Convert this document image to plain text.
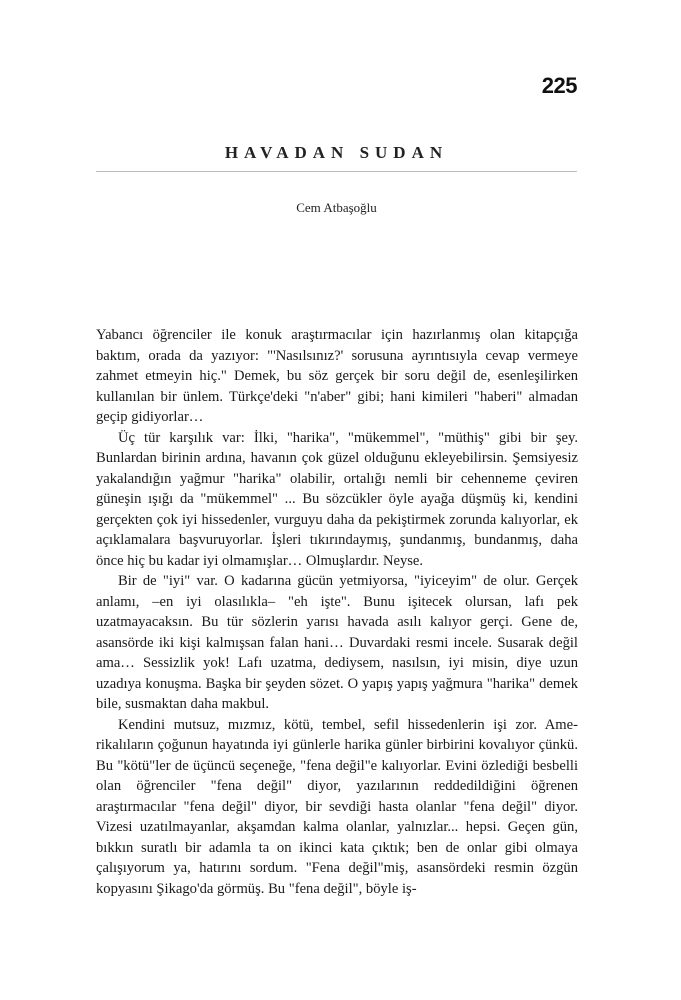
225
HAVADAN SUDAN
Cem Atbaşoğlu

Yabancı öğrenciler ile konuk araştırmacılar için hazırlanmış olan kitapçığa baktım, orada da yazıyor: "'Nasılsınız?' sorusuna ayrıntısıyla cevap vermeye zahmet etmeyin hiç." Demek, bu söz gerçek bir soru değil de, esenleşilirken kullanılan bir ünlem. Türkçe'deki "n'aber" gibi; hani kimileri "haberi" almadan geçip gidiyorlar…

Üç tür karşılık var: İlki, "harika", "mükemmel", "müthiş" gibi bir şey. Bunlardan birinin ardına, havanın çok güzel olduğunu ekleyebilirsin. Şemsiyesiz yakalandığın yağmur "harika" olabilir, ortalığı nemli bir cehenneme çeviren güneşin ışığı da "mükemmel" ... Bu sözcükler öyle ayağa düşmüş ki, kendini gerçekten çok iyi hissedenler, vurguyu daha da pekiştirmek zorunda kalıyorlar, ek açıklamalara başvuruyorlar. İşleri tıkırındaymış, şundanmış, bundanmış, daha önce hiç bu kadar iyi olmamışlar… Olmuşlardır. Neyse.

Bir de "iyi" var. O kadarına gücün yetmiyorsa, "iyiceyim" de olur. Gerçek anlamı, –en iyi olasılıkla– "eh işte". Bunu işitecek olursan, lafı pek uzatmayacaksın. Bu tür sözlerin yarısı havada asılı kalıyor gerçi. Gene de, asansörde iki kişi kalmışsan falan hani… Duvardaki resmi incele. Susarak değil ama… Sessizlik yok! Lafı uzatma, dediysem, nasılsın, iyi misin, diye uzun uzadıya konuşma. Başka bir şeyden sözet. O yapış yapış yağmura "harika" demek bile, susmaktan daha makbul.

Kendini mutsuz, mızmız, kötü, tembel, sefil hissedenlerin işi zor. Amerikalıların çoğunun hayatında iyi günlerle harika günler birbirini kovalıyor çünkü. Bu "kötü"ler de üçüncü seçeneğe, "fena değil"e kalıyorlar. Evini özlediği besbelli olan öğrenciler "fena değil" diyor, yazılarının reddedildiğini öğrenen araştırmacılar "fena değil" diyor, bir sevdiği hasta olanlar "fena değil" diyor. Vizesi uzatılmayanlar, akşamdan kalma olanlar, yalnızlar... hepsi. Geçen gün, bıkkın suratlı bir adamla ta on ikinci kata çıktık; ben de onlar gibi olmaya çalışıyorum ya, hatırını sordum. "Fena değil"miş, asansördeki resmin özgün kopyasını Şikago'da görmüş. Bu "fena değil", böyle iş-
